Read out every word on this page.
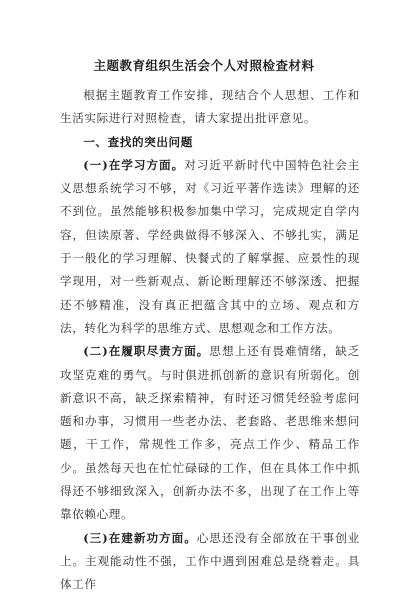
主题教育组织生活会个人对照检查材料

根据主题教育工作安排，现结合个人思想、工作和生活实际进行对照检查，请大家提出批评意见。

一、查找的突出问题

(一)在学习方面。对习近平新时代中国特色社会主义思想系统学习不够，对《习近平著作选读》理解的还不到位。虽然能够积极参加集中学习，完成规定自学内容，但读原著、学经典做得不够深入、不够扎实，满足于一般化的学习理解、快餐式的了解掌握、应景性的现学现用，对一些新观点、新论断理解还不够深透、把握还不够精准，没有真正把蕴含其中的立场、观点和方法，转化为科学的思维方式、思想观念和工作方法。

(二)在履职尽责方面。思想上还有畏难情绪，缺乏攻坚克难的勇气。与时俱进抓创新的意识有所弱化。创新意识不高，缺乏探索精神，有时还习惯凭经验考虑问题和办事，习惯用一些老办法、老套路、老思维来想问题，干工作，常规性工作多，亮点工作少、精品工作少。虽然每天也在忙忙碌碌的工作，但在具体工作中抓得还不够细致深入，创新办法不多，出现了在工作上等靠依赖心理。

(三)在建新功方面。心思还没有全部放在干事创业上。主观能动性不强，工作中遇到困难总是绕着走。具体工作
